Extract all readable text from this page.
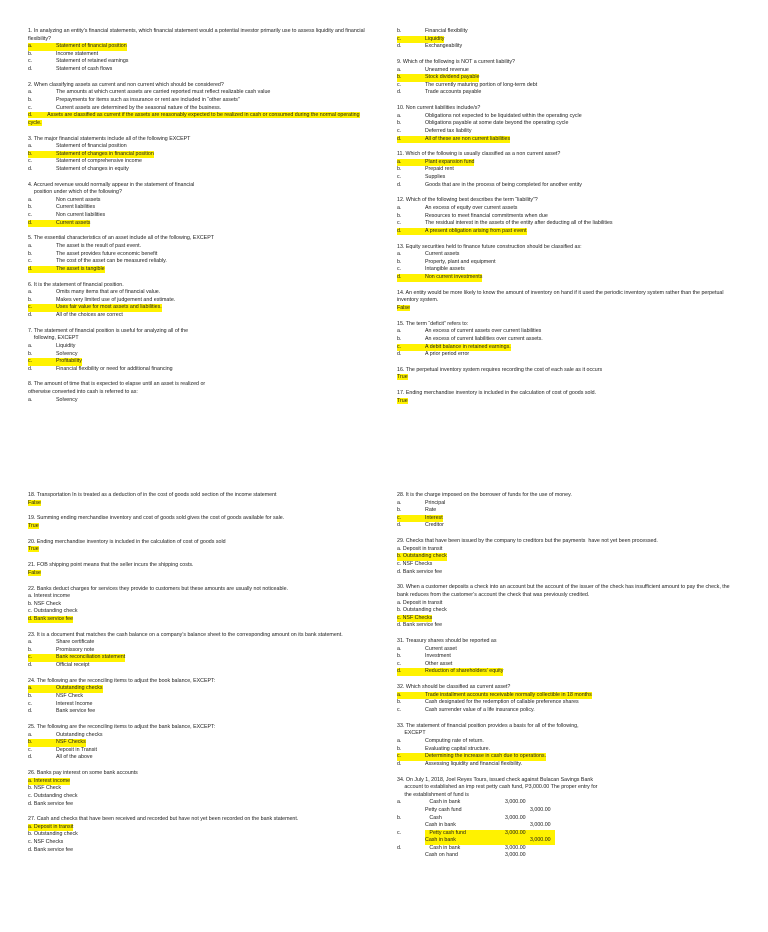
1. In analyzing an entity’s financial statements, which financial statement would a potential investor primarily use to assess liquidity and financial flexibility?

a.	Statement of financial position
b.	Income statement
c.	Statement of retained earnings
d.	Statement of cash flows

2. When classifying assets as current and non current which should be considered?

a.	The amounts at which current assets are carried reported must reflect realizable cash value
b.	Prepayments for items such as insurance or rent are included in “other assets”
c.	Current assets are determined by the seasonal nature of the business.

d.          Assets are classified as current if the assets are reasonably expected to be realized in cash or consumed during the normal operating cycle.

3. The major financial statements include all of the following EXCEPT

a.	Statement of financial position
b.	Statement of changes in financial position
c.	Statement of comprehensive income
d.	Statement of changes in equity

4. Accrued revenue would normally appear in the statement of financial
position under which of the following?

a.	Non current assets
b.	Current liabilities
c.	Non current liabilities
d.	Current assets

5. The essential characteristics of an asset include all of the following, EXCEPT

a.	The asset is the result of past event.
b.	The asset provides future economic benefit
c.	The cost of the asset can be measured reliably.
d.	The asset is tangible

6. It is the statement of financial position.

a.	Omits many items that are of financial value.
b.	Makes very limited use of judgement and estimate.
c.	Uses fair value for most assets and liabilities.
d.	All of the choices are correct

7. The statement of financial position is useful for analyzing all of the
following, EXCEPT

a.	Liquidity
b.	Solvency
c.	Profitability
d.	Financial flexibility or need for additional financing

8. The amount of time that is expected to elapse until an asset is realized or
otherwise converted into cash is referred to as:

a.	Solvency
b.	Financial flexibility
c.	Liquidity
d.	Exchangeability

9. Which of the following is NOT a current liability?

a.	Unearned revenue
b.	Stock dividend payable
c.	The currently maturing portion of long-term debt
d.	Trade accounts payable

10. Non current liabilities include/s?

a.	Obligations not expected to be liquidated within the operating cycle
b.	Obligations payable at some date beyond the operating cycle
c.	Deferred tax liability
d.	All of these are non current liabilities

11. Which of the following is usually classified as a non current asset?

a.	Plant expansion fund
b.	Prepaid rent
c.	Supplies
d.	Goods that are in the process of being completed for another entity

12. Which of the following best describes the term “liability”?

a.	An excess of equity over current assets
b.	Resources to meet financial commitments when due
c.	The residual interest in the assets of the entity after deducting all of the liabilities
d.	A present obligation arising from past event

13. Equity securities held to finance future construction should be classified as:

a.	Current assets
b.	Property, plant and equipment
c.	Intangible assets
d.	Non current investments

14. An entity would be more likely to know the amount of inventory on hand if it used the periodic inventory system rather than the perpetual inventory system.

False

15. The term “deficit” refers to:

a.	An excess of current assets over current liabilities
b.	An excess of current liabilities over current assets.
c.	A debit balance in retained earnings.
d.	A prior period error

16. The perpetual inventory system requires recording the cost of each sale as it occurs

True

17. Ending merchandise inventory is included in the calculation of cost of goods sold.

True

18. Transportation In is treated as a deduction of in the cost of goods sold section of the income statement

False

19. Summing ending merchandise inventory and cost of goods sold gives the cost of goods available for sale.

True

20. Ending merchandise inventory is included in the calculation of cost of goods sold

True

21. FOB shipping point means that the seller incurs the shipping costs.

False

22. Banks deduct charges for services they provide to customers but these amounts are usually not noticeable.

a. Interest income
b. NSF Check
c. Outstanding check
d. Bank service fee

23. It is a document that matches the cash balance on a company’s balance sheet to the corresponding amount on its bank statement.

a.	Share certificate
b.	Promissory note
c.	Bank reconciliation statement
d.	Official receipt

24. The following are the reconciling items to adjust the book balance, EXCEPT:

a.	Outstanding checks
b.	NSF Check
c.	Interest Income
d.	Bank service fee

25. The following are the reconciling items to adjust the bank balance, EXCEPT:

a.	Outstanding checks
b.	NSF Checks
c.	Deposit in Transit
d.	All of the above

26. Banks pay interest on some bank accounts

a. Interest income
b. NSF Check
c. Outstanding check
d. Bank service fee

27. Cash and checks that have been received and recorded but have not yet been recorded on the bank statement.

a. Deposit in transit
b. Outstanding check
c. NSF Checks
d. Bank service fee

28. It is the charge imposed on the borrower of funds for the use of money.

a.	Principal
b.	Rate
c.	Interest
d.	Creditor

29. Checks that have been issued by the company to creditors but the payments  have not yet been processed.

a. Deposit in transit
b. Outstanding check
c. NSF Checks
d. Bank service fee

30. When a customer deposits a check into an account but the account of the issuer of the check has insufficient amount to pay the check, the bank reduces from the customer’s account the check that was previously credited.

a. Deposit in transit
b. Outstanding check
c. NSF Checks
d. Bank service fee

31. Treasury shares should be reported as

a.	Current asset
b.	Investment
c.	Other asset
d.	Reduction of shareholders’ equity

32. Which should be classified as current asset?

a.	Trade installment accounts receivable normally collectible in 18 months
b.	Cash designated for the redemption of callable preference shares
c.	Cash surrender value of a life insurance policy.

33. The statement of financial position provides a basis for all of the following,
EXCEPT

a.	Computing rate of return.
b.	Evaluating capital structure.
c.	Determining the increase in cash due to operations.
d.	Assessing liquidity and financial flexibility.

34. On July 1, 2018, Joel Reyes Tours, issued check against Bulacan Savings Bank
account to established an imp rest petty cash fund, P3,000.00 The proper entry for
the establishment of fund is

a.	Cash in bank	3,000.00
Petty cash fund	3,000.00
b.	Cash	3,000.00
Cash in bank	3,000.00
c.	Petty cash fund	3,000.00
Cash in bank	3,000.00
d.	Cash in bank	3,000.00
Cash on hand	3,000.00
